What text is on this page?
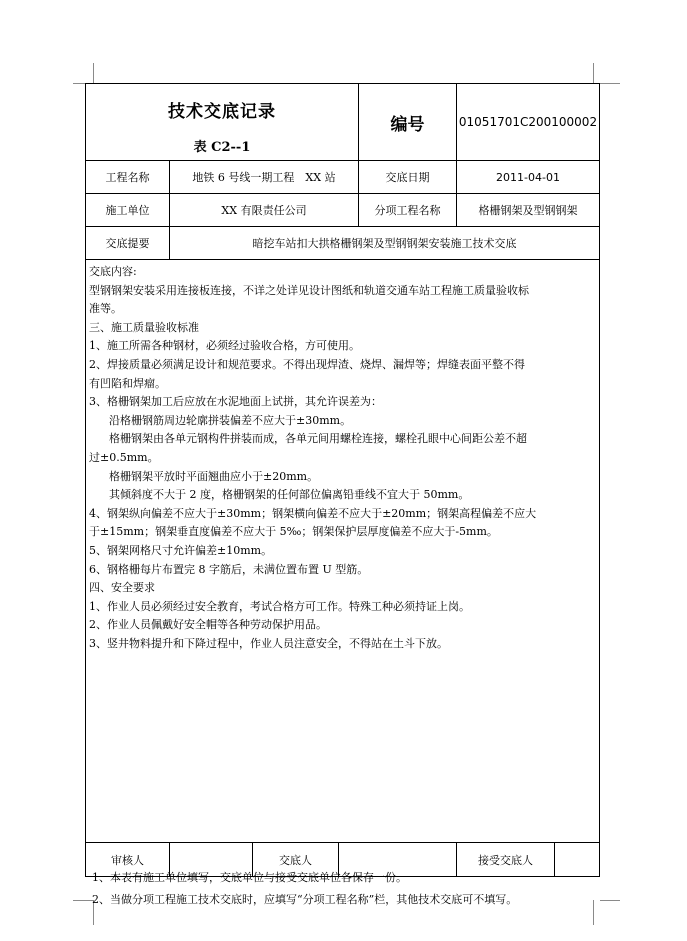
技术交底记录
表 C2--1
编号	01051701C200100002
工程名称	地铁 6 号线一期工程　XX 站	交底日期	2011-04-01
施工单位	XX 有限责任公司	分项工程名称	格栅钢架及型钢钢架
交底提要	暗挖车站扣大拱格栅钢架及型钢钢架安装施工技术交底

交底内容:

型钢钢架安装采用连接板连接，不详之处详见设计图纸和轨道交通车站工程施工质量验收标

准等。

三、施工质量验收标准

1、施工所需各种钢材，必须经过验收合格，方可使用。

2、焊接质量必须满足设计和规范要求。不得出现焊渣、烧焊、漏焊等；焊缝表面平整不得

有凹陷和焊瘤。

3、格栅钢架加工后应放在水泥地面上试拼，其允许误差为：

沿格栅钢筋周边轮廓拼装偏差不应大于±30mm。

格栅钢架由各单元钢构件拼装而成，各单元间用螺栓连接，螺栓孔眼中心间距公差不超

过±0.5mm。

格栅钢架平放时平面翘曲应小于±20mm。

其倾斜度不大于 2 度，格栅钢架的任何部位偏离铅垂线不宜大于 50mm。

4、钢架纵向偏差不应大于±30mm；钢架横向偏差不应大于±20mm；钢架高程偏差不应大

于±15mm；钢架垂直度偏差不应大于 5‰；钢架保护层厚度偏差不应大于-5mm。

5、钢架网格尺寸允许偏差±10mm。

6、钢格栅每片布置完 8 字筋后，未满位置布置 U 型筋。

四、安全要求

1、作业人员必须经过安全教育，考试合格方可工作。特殊工种必须持证上岗。

2、作业人员佩戴好安全帽等各种劳动保护用品。

3、竖井物料提升和下降过程中，作业人员注意安全，不得站在土斗下放。

审核人	交底人	接受交底人

1、本表有施工单位填写，交底单位与接受交底单位各保存一份。

2、当做分项工程施工技术交底时，应填写“分项工程名称”栏，其他技术交底可不填写。
